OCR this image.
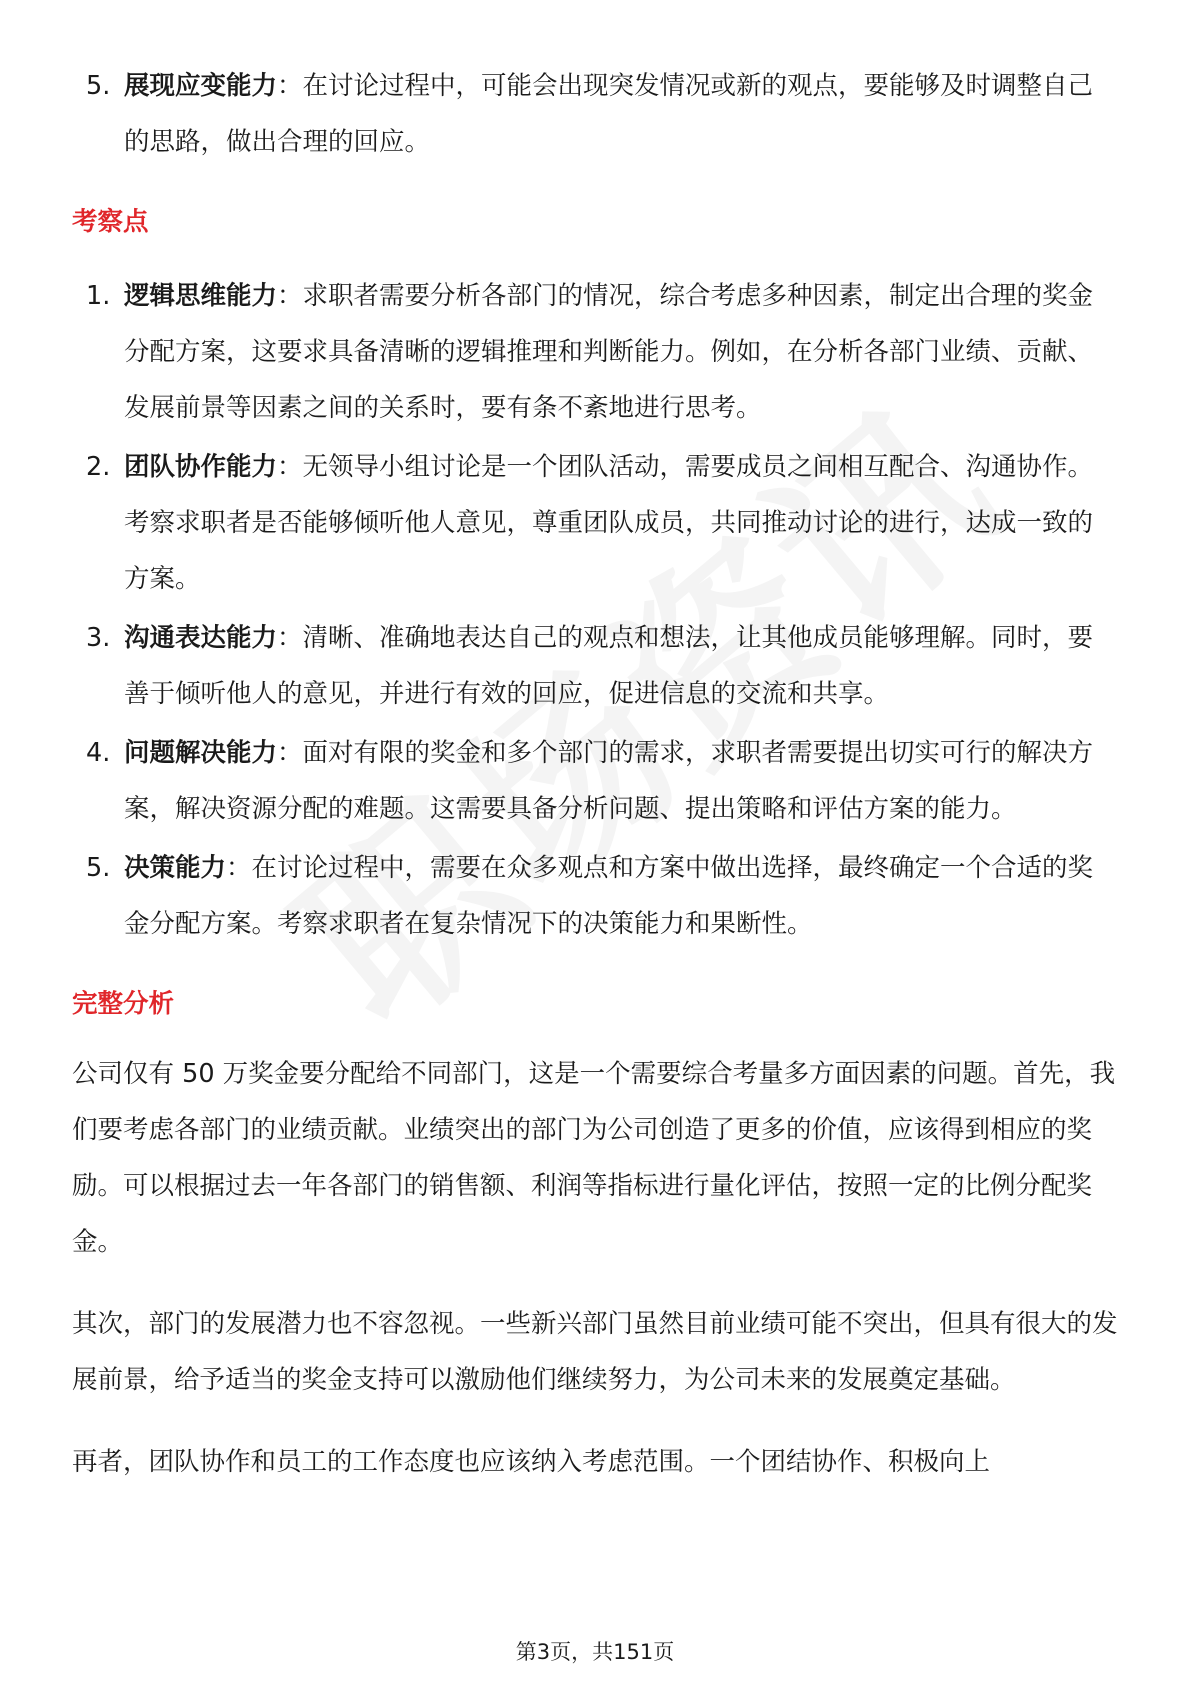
5. 展现应变能力：在讨论过程中，可能会出现突发情况或新的观点，要能够及时调整自己的思路，做出合理的回应。
考察点
1. 逻辑思维能力：求职者需要分析各部门的情况，综合考虑多种因素，制定出合理的奖金分配方案，这要求具备清晰的逻辑推理和判断能力。例如，在分析各部门业绩、贡献、发展前景等因素之间的关系时，要有条不紊地进行思考。
2. 团队协作能力：无领导小组讨论是一个团队活动，需要成员之间相互配合、沟通协作。考察求职者是否能够倾听他人意见，尊重团队成员，共同推动讨论的进行，达成一致的方案。
3. 沟通表达能力：清晰、准确地表达自己的观点和想法，让其他成员能够理解。同时，要善于倾听他人的意见，并进行有效的回应，促进信息的交流和共享。
4. 问题解决能力：面对有限的奖金和多个部门的需求，求职者需要提出切实可行的解决方案，解决资源分配的难题。这需要具备分析问题、提出策略和评估方案的能力。
5. 决策能力：在讨论过程中，需要在众多观点和方案中做出选择，最终确定一个合适的奖金分配方案。考察求职者在复杂情况下的决策能力和果断性。
完整分析

公司仅有 50 万奖金要分配给不同部门，这是一个需要综合考量多方面因素的问题。首先，我们要考虑各部门的业绩贡献。业绩突出的部门为公司创造了更多的价值，应该得到相应的奖励。可以根据过去一年各部门的销售额、利润等指标进行量化评估，按照一定的比例分配奖金。

其次，部门的发展潜力也不容忽视。一些新兴部门虽然目前业绩可能不突出，但具有很大的发展前景，给予适当的奖金支持可以激励他们继续努力，为公司未来的发展奠定基础。

再者，团队协作和员工的工作态度也应该纳入考虑范围。一个团结协作、积极向上

第3页，共151页
